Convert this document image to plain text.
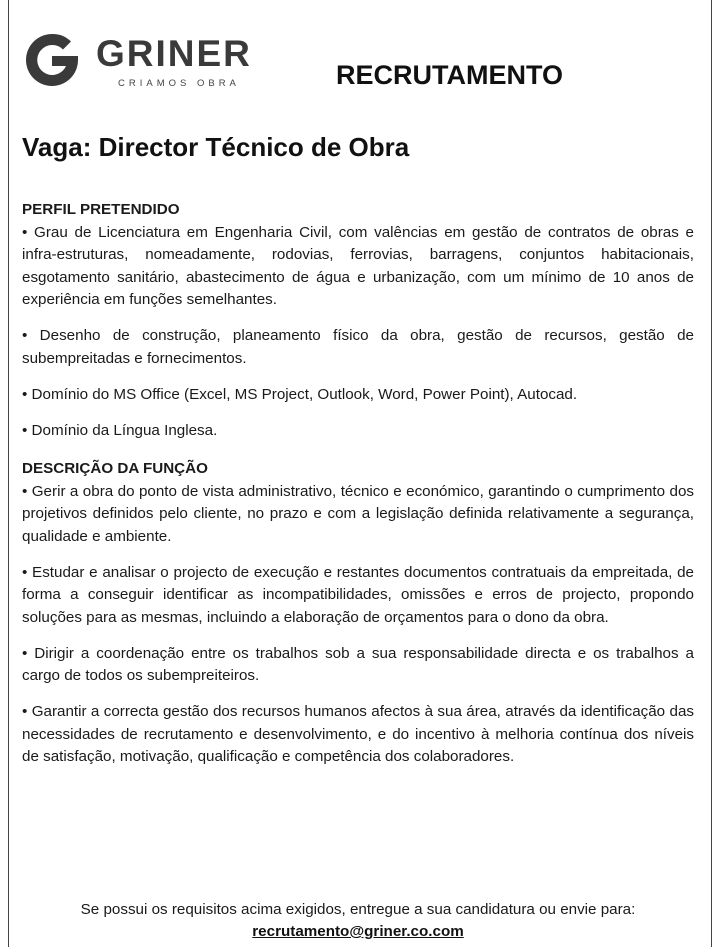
GRINER
CRIAMOS OBRA	RECRUTAMENTO
Vaga: Director Técnico de Obra

PERFIL PRETENDIDO

• Grau de Licenciatura em Engenharia Civil, com valências em gestão de contratos de obras e infra-estruturas, nomeadamente, rodovias, ferrovias, barragens, conjuntos habitacionais, esgotamento sanitário, abastecimento de água e urbanização, com um mínimo de 10 anos de experiência em funções semelhantes.

• Desenho de construção, planeamento físico da obra, gestão de recursos, gestão de subempreitadas e fornecimentos.

• Domínio do MS Office (Excel, MS Project, Outlook, Word, Power Point), Autocad.

• Domínio da Língua Inglesa.

DESCRIÇÃO DA FUNÇÃO

• Gerir a obra do ponto de vista administrativo, técnico e económico, garantindo o cumprimento dos projetivos definidos pelo cliente, no prazo e com a legislação definida relativamente a segurança, qualidade e ambiente.

• Estudar e analisar o projecto de execução e restantes documentos contratuais da empreitada, de forma a conseguir identificar as incompatibilidades, omissões e erros de projecto, propondo soluções para as mesmas, incluindo a elaboração de orçamentos para o dono da obra.

• Dirigir a coordenação entre os trabalhos sob a sua responsabilidade directa e os trabalhos a cargo de todos os subempreiteiros.

• Garantir a correcta gestão dos recursos humanos afectos à sua área, através da identificação das necessidades de recrutamento e desenvolvimento, e do incentivo à melhoria contínua dos níveis de satisfação, motivação, qualificação e competência dos colaboradores.

Se possui os requisitos acima exigidos, entregue a sua candidatura ou envie para:
recrutamento@griner.co.com
